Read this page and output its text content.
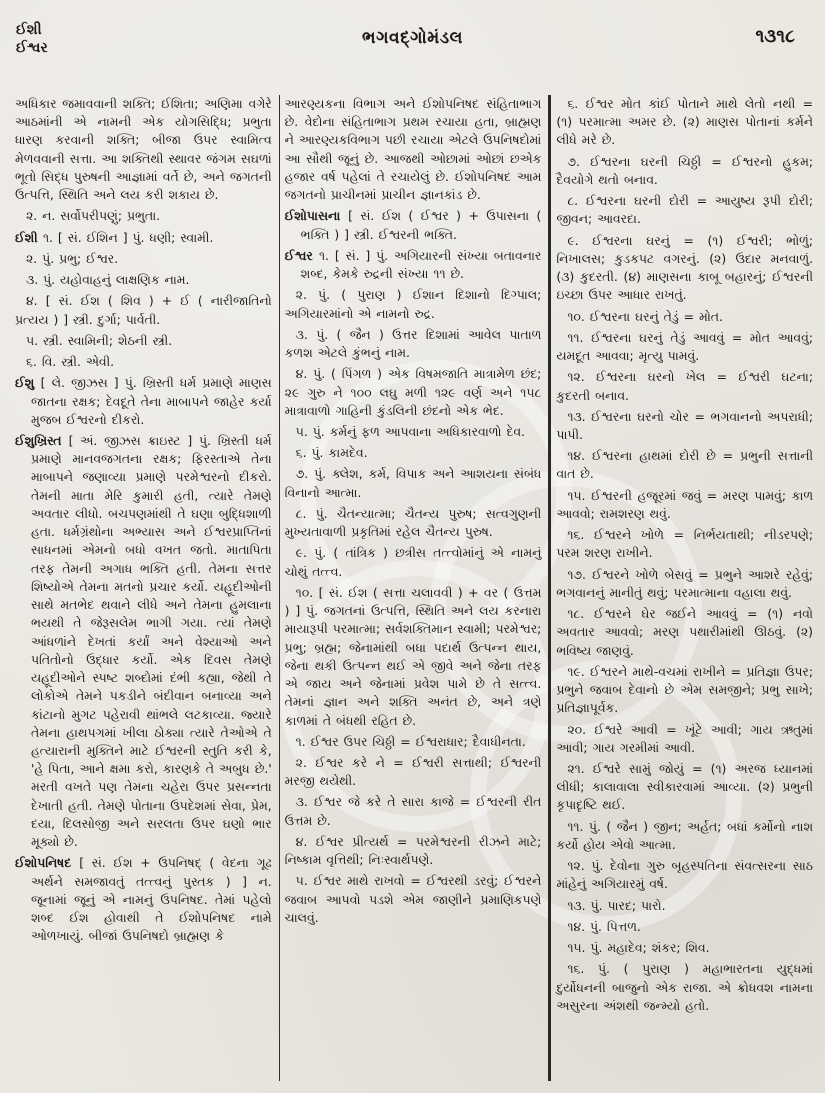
ઈશી
ઈશ્વર	ભગવદ્ગોમંડલ	૧૩૧૮
અધિકાર જમાવવાની શક્તિ; ઈશિતા; અણિમા વગેરે આઠમાંની એ નામની એક યોગસિદ્ધિ; પ્રભુતા ધારણ કરવાની શક્તિ; બીજા ઉપર સ્વામિત્વ મેળવવાની સત્તા. આ શક્તિથી સ્થાવર જંગમ સઘળાં ભૂતો સિદ્ધ પુરુષની આજ્ઞામાં વર્તે છે, અને જગતની ઉત્પત્તિ, સ્થિતિ અને લય કરી શકાય છે.
૨. ન. સર્વોપરીપણું; પ્રભુતા.
ઈશી ૧. [ સં. ઈશિન ] પું. ધણી; સ્વામી.
૨. પું. પ્રભુ; ઈશ્વર.
૩. પું. યહોવાહનું લાક્ષણિક નામ.
૪. [ સં. ઈશ ( શિવ ) + ઈ ( નારીજાતિનો પ્રત્યય ) ] સ્ત્રી. દુર્ગા; પાર્વતી.
૫. સ્ત્રી. સ્વામિની; શેઠની સ્ત્રી.
૬. વિ. સ્ત્રી. એવી.
ઈશુ [ લે. જીઝસ ] પું. ખ્રિસ્તી ધર્મ પ્રમાણે માણસ જાતના રક્ષક; દેવદૂતે તેના માબાપને જાહેર કર્યા મુજબ ઈશ્વરનો દીકરો.
ઈશુખ્રિસ્ત [ અં. જીઝસ ક્રાઇસ્ટ ] પું. ખ્રિસ્તી ધર્મ પ્રમાણે માનવજગતના રક્ષક; ફિરસ્તાએ તેના માબાપને જણાવ્યા પ્રમાણે પરમેશ્વરનો દીકરો. તેમની માતા મેરિ કુમારી હતી, ત્યારે તેમણે અવતાર લીધો. બચપણમાંથી તે ઘણા બુદ્ધિશાળી હતા. ધર્મગ્રંથોના અભ્યાસ અને ઈશ્વરપ્રાપ્તિનાં સાધનમાં એમનો બધો વખત જતો. માતાપિતા તરફ તેમની અગાધ ભક્તિ હતી. તેમના સત્તર શિષ્યોએ તેમના મતનો પ્રચાર કર્યો. યહૂદીઓની સાથે મતભેદ થવાને લીધે અને તેમના હુમલાના ભયથી તે જેરૂસલેમ ભાગી ગયા. ત્યાં તેમણે આંધળાંને દેખતાં કર્યાં અને વેશ્યાઓ અને પતિતોનો ઉદ્ધાર કર્યો. એક દિવસ તેમણે યહૂદીઓને સ્પષ્ટ શબ્દોમાં દંભી કહ્યા, જેથી તે લોકોએ તેમને પકડીને બંદીવાન બનાવ્યા અને કાંટાનો મુગટ પહેરાવી થાંભલે લટકાવ્યા. જ્યારે તેમના હાથપગમાં ખીલા ઠોક્યા ત્યારે તેઓએ તે હત્યારાની મુક્તિને માટે ઈશ્વરની સ્તુતિ કરી કે, 'હે પિતા, આને ક્ષમા કરો, કારણકે તે અબુધ છે.' મરતી વખતે પણ તેમના ચહેરા ઉપર પ્રસન્નતા દેખાતી હતી. તેમણે પોતાના ઉપદેશમાં સેવા, પ્રેમ, દયા, દિલસોજી અને સરલતા ઉપર ઘણો ભાર મૂક્યો છે.
ઈશોપનિષદ [ સં. ઈશ + ઉપનિષદ્ ( વેદના ગૂઢ અર્થને સમજાવતું તત્ત્વનું પુસ્તક ) ] ન. જૂનામાં જૂનું એ નામનું ઉપનિષદ. તેમાં પહેલો શબ્દ ઈશ હોવાથી તે ઈશોપનિષદ નામે ઓળખાયું. બીજાં ઉપનિષદો બ્રાહ્મણ કે
આરણ્યકના વિભાગ અને ઈશોપનિષદ સંહિતાભાગ છે. વેદોના સંહિતાભાગ પ્રથમ રચાયા હતા, બ્રાહ્મણ ને આરણ્યકવિભાગ પછી રચાયા એટલે ઉપનિષદોમાં આ સૌથી જૂનું છે. આજથી ઓછામાં ઓછાં છએક હજાર વર્ષ પહેલાં તે રચાયેલું છે. ઈશોપનિષદ આમ જગતનો પ્રાચીનમાં પ્રાચીન જ્ઞાનકાંડ છે.
ઈશોપાસના [ સં. ઈશ ( ઈશ્વર ) + ઉપાસના ( ભક્તિ ) ] સ્ત્રી. ઈશ્વરની ભક્તિ.
ઈશ્વર ૧. [ સં. ] પું. અગિયારની સંખ્યા બતાવનાર શબ્દ, કેમકે રુદ્રની સંખ્યા ૧૧ છે.
૨. પું. ( પુરાણ ) ઈશાન દિશાનો દિગ્પાલ; અગિયારમાંનો એ નામનો રુદ્ર.
૩. પું. ( જૈન ) ઉત્તર દિશામાં આવેલ પાતાળ કળશ એટલે કુંભનું નામ.
૪. પું. ( પિંગળ ) એક વિષમજાતિ માત્રામેળ છંદ; ૨૯ ગુરુ ને ૧૦૦ લઘુ મળી ૧૨૯ વર્ણ અને ૧૫૮ માત્રાવાળો ગાહિની કુંડલિની છંદનો એક ભેદ.
૫. પું. કર્મનું ફળ આપવાના અધિકારવાળો દેવ.
૬. પું. કામદેવ.
૭. પું. ક્લેશ, કર્મ, વિપાક અને આશયના સંબંધ વિનાનો આત્મા.
૮. પું. ચૈતન્યાત્મા; ચૈતન્ય પુરુષ; સત્વગુણની મુખ્યતાવાળી પ્રકૃતિમાં રહેલ ચૈતન્ય પુરુષ.
૯. પું. ( તાંત્રિક ) છત્રીસ તત્ત્વોમાંનું એ નામનું ચોથું તત્ત્વ.
૧૦. [ સં. ઈશ ( સત્તા ચલાવવી ) + વર ( ઉત્તમ ) ] પું. જગતનાં ઉત્પત્તિ, સ્થિતિ અને લય કરનારા માયારૂપી પરમાત્મા; સર્વશક્તિમાન સ્વામી; પરમેશ્વર; પ્રભુ; બ્રહ્મ; જેનામાંથી બધા પદાર્થ ઉત્પન્ન થાય, જેના થકી ઉત્પન્ન થઈ એ જીવે અને જેના તરફ એ જાય અને જેનામાં પ્રવેશ પામે છે તે સત્ત્વ. તેમનાં જ્ઞાન અને શક્તિ અનંત છે, અને ત્રણે કાળમાં તે બંધથી રહિત છે.
૧. ઈશ્વર ઉપર ચિઠ્ઠી = ઈશ્વરાધાર; દૈવાધીનતા.
૨. ઈશ્વર કરે ને = ઈશ્વરી સત્તાથી; ઈશ્વરની મરજી થયેથી.
૩. ઈશ્વર જે કરે તે સારા કાજે = ઈશ્વરની રીત ઉત્તમ છે.
૪. ઈશ્વર પ્રીત્યર્થ = પરમેશ્વરની રીઝને માટે; નિષ્કામ વૃત્તિથી; નિઃસ્વાર્થપણે.
૫. ઈશ્વર માથે રાખવો = ઈશ્વરથી ડરવું; ઈશ્વરને જવાબ આપવો પડશે એમ જાણીને પ્રમાણિકપણે ચાલવું.
૬. ઈશ્વર મોત કાંઈ પોતાને માથે લેતો નથી = (૧) પરમાત્મા અમર છે. (૨) માણસ પોતાનાં કર્મને લીધે મરે છે.
૭. ઈશ્વરના ઘરની ચિઠ્ઠી = ઈશ્વરનો હુકમ; દૈવયોગે થતો બનાવ.
૮. ઈશ્વરના ઘરની દોરી = આયુષ્ય રૂપી દોરી; જીવન; આવરદા.
૯. ઈશ્વરના ઘરનું = (૧) ઈશ્વરી; ભોળું; નિખાલસ; કુડકપટ વગરનું. (૨) ઉદાર મનવાળું. (૩) કુદરતી. (૪) માણસના કાબૂ બહારનું; ઈશ્વરની ઇચ્છા ઉપર આધાર રાખતું.
૧૦. ઈશ્વરના ઘરનું તેડું = મોત.
૧૧. ઈશ્વરના ઘરનું તેડું આવવું = મોત આવવું; યમદૂત આવવા; મૃત્યુ પામવું.
૧૨. ઈશ્વરના ઘરનો ખેલ = ઈશ્વરી ઘટના; કુદરતી બનાવ.
૧૩. ઈશ્વરના ઘરનો ચોર = ભગવાનનો અપરાધી; પાપી.
૧૪. ઈશ્વરના હાથમાં દોરી છે = પ્રભુની સત્તાની વાત છે.
૧૫. ઈશ્વરની હજૂરમાં જવું = મરણ પામવું; કાળ આવવો; રામશરણ થવું.
૧૬. ઈશ્વરને ખોળે = નિર્ભયતાથી; નીડરપણે; પરમ શરણ રાખીને.
૧૭. ઈશ્વરને ખોળે બેસવું = પ્રભુને આશરે રહેવું; ભગવાનનું માનીતું થવું; પરમાત્માના વહાલા થવું.
૧૮. ઈશ્વરને ઘેર જઈને આવવું = (૧) નવો અવતાર આવવો; મરણ પથારીમાંથી ઊઠવું. (૨) ભવિષ્ય જાણવું.
૧૯. ઈશ્વરને માથે-વચમાં રાખીને = પ્રતિજ્ઞા ઉપર; પ્રભુને જવાબ દેવાનો છે એમ સમજીને; પ્રભુ સાખે; પ્રતિજ્ઞાપૂર્વક.
૨૦. ઈશ્વરે આવી = ખૂંટે આવી; ગાય ઋતુમાં આવી; ગાય ગરમીમાં આવી.
૨૧. ઈશ્વરે સામું જોયું = (૧) અરજ ધ્યાનમાં લીધી; કાલાવાલા સ્વીકારવામાં આવ્યા. (૨) પ્રભુની કૃપાદૃષ્ટિ થઈ.
૧૧. પું. ( જૈન ) જીન; અર્હત; બધાં કર્મોનો નાશ કર્યો હોય એવો આત્મા.
૧૨. પું. દેવોના ગુરુ બૃહસ્પતિના સંવત્સરના સાઠ માંહેનું અગિયારમું વર્ષ.
૧૩. પું. પારદ; પારો.
૧૪. પું. પિત્તળ.
૧૫. પું. મહાદેવ; શંકર; શિવ.
૧૬. પું. ( પુરાણ ) મહાભારતના યુદ્ધમાં દુર્યોધનની બાજુનો એક રાજા. એ ક્રોધવશ નામના અસુરના અંશથી જન્મ્યો હતો.
